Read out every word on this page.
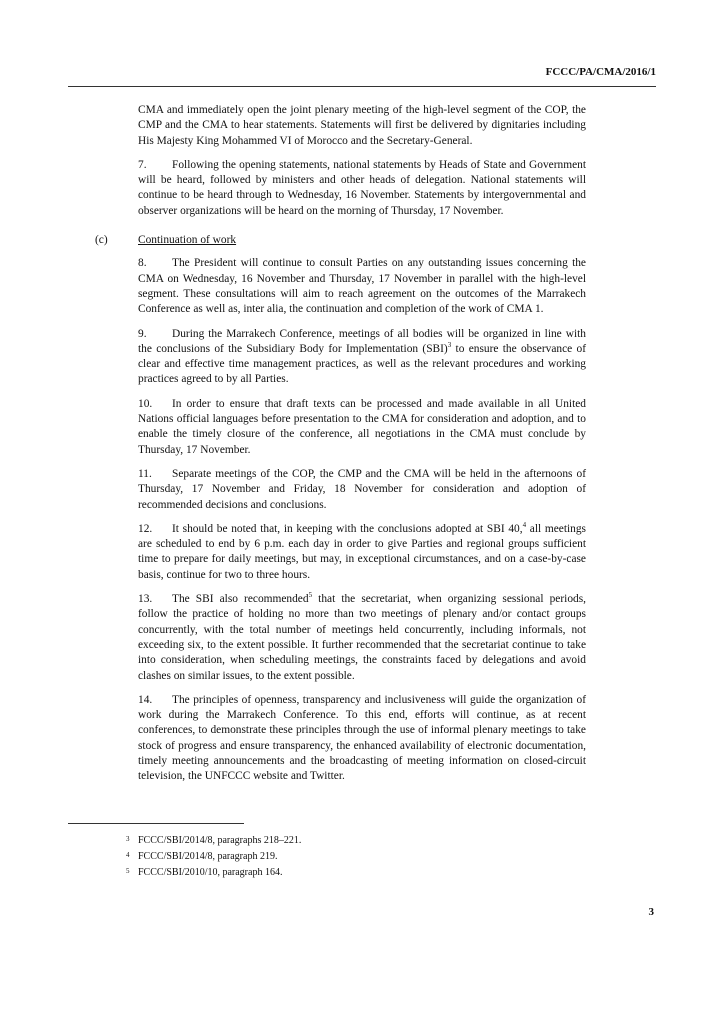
FCCC/PA/CMA/2016/1

CMA and immediately open the joint plenary meeting of the high-level segment of the COP, the CMP and the CMA to hear statements. Statements will first be delivered by dignitaries including His Majesty King Mohammed VI of Morocco and the Secretary-General.

7. Following the opening statements, national statements by Heads of State and Government will be heard, followed by ministers and other heads of delegation. National statements will continue to be heard through to Wednesday, 16 November. Statements by intergovernmental and observer organizations will be heard on the morning of Thursday, 17 November.

(c)	Continuation of work

8. The President will continue to consult Parties on any outstanding issues concerning the CMA on Wednesday, 16 November and Thursday, 17 November in parallel with the high-level segment. These consultations will aim to reach agreement on the outcomes of the Marrakech Conference as well as, inter alia, the continuation and completion of the work of CMA 1.

9. During the Marrakech Conference, meetings of all bodies will be organized in line with the conclusions of the Subsidiary Body for Implementation (SBI)$^3$ to ensure the observance of clear and effective time management practices, as well as the relevant procedures and working practices agreed to by all Parties.

10. In order to ensure that draft texts can be processed and made available in all United Nations official languages before presentation to the CMA for consideration and adoption, and to enable the timely closure of the conference, all negotiations in the CMA must conclude by Thursday, 17 November.

11. Separate meetings of the COP, the CMP and the CMA will be held in the afternoons of Thursday, 17 November and Friday, 18 November for consideration and adoption of recommended decisions and conclusions.

12. It should be noted that, in keeping with the conclusions adopted at SBI 40,$^4$ all meetings are scheduled to end by 6 p.m. each day in order to give Parties and regional groups sufficient time to prepare for daily meetings, but may, in exceptional circumstances, and on a case-by-case basis, continue for two to three hours.

13. The SBI also recommended$^5$ that the secretariat, when organizing sessional periods, follow the practice of holding no more than two meetings of plenary and/or contact groups concurrently, with the total number of meetings held concurrently, including informals, not exceeding six, to the extent possible. It further recommended that the secretariat continue to take into consideration, when scheduling meetings, the constraints faced by delegations and avoid clashes on similar issues, to the extent possible.

14. The principles of openness, transparency and inclusiveness will guide the organization of work during the Marrakech Conference. To this end, efforts will continue, as at recent conferences, to demonstrate these principles through the use of informal plenary meetings to take stock of progress and ensure transparency, the enhanced availability of electronic documentation, timely meeting announcements and the broadcasting of meeting information on closed-circuit television, the UNFCCC website and Twitter.

3 FCCC/SBI/2014/8, paragraphs 218–221.
4 FCCC/SBI/2014/8, paragraph 219.
5 FCCC/SBI/2010/10, paragraph 164.
3
